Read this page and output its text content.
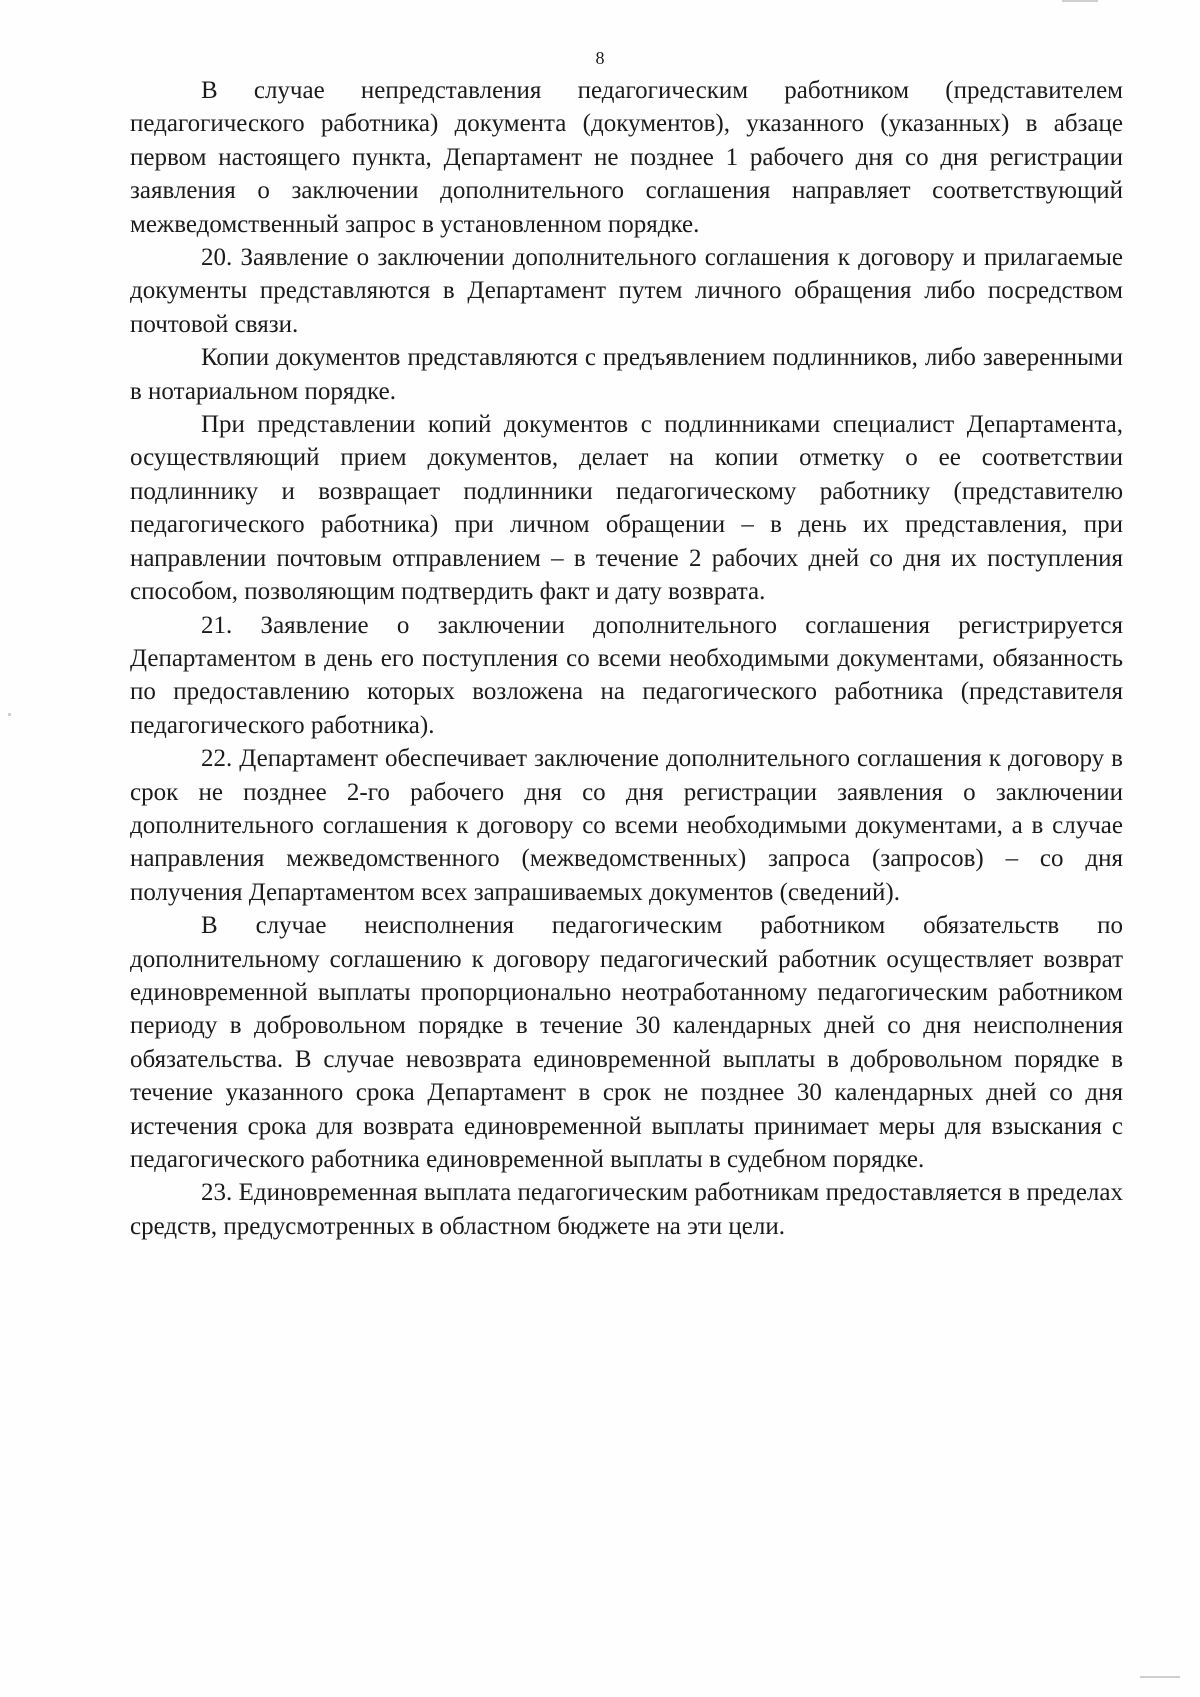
8

В случае непредставления педагогическим работником (представителем педагогического работника) документа (документов), указанного (указанных) в абзаце первом настоящего пункта, Департамент не позднее 1 рабочего дня со дня регистрации заявления о заключении дополнительного соглашения направляет соответствующий межведомственный запрос в установленном порядке.

20. Заявление о заключении дополнительного соглашения к договору и прилагаемые документы представляются в Департамент путем личного обращения либо посредством почтовой связи.

Копии документов представляются с предъявлением подлинников, либо заверенными в нотариальном порядке.

При представлении копий документов с подлинниками специалист Департамента, осуществляющий прием документов, делает на копии отметку о ее соответствии подлиннику и возвращает подлинники педагогическому работнику (представителю педагогического работника) при личном обращении – в день их представления, при направлении почтовым отправлением – в течение 2 рабочих дней со дня их поступления способом, позволяющим подтвердить факт и дату возврата.

21. Заявление о заключении дополнительного соглашения регистрируется Департаментом в день его поступления со всеми необходимыми документами, обязанность по предоставлению которых возложена на педагогического работника (представителя педагогического работника).

22. Департамент обеспечивает заключение дополнительного соглашения к договору в срок не позднее 2-го рабочего дня со дня регистрации заявления о заключении дополнительного соглашения к договору со всеми необходимыми документами, а в случае направления межведомственного (межведомственных) запроса (запросов) – со дня получения Департаментом всех запрашиваемых документов (сведений).

В случае неисполнения педагогическим работником обязательств по дополнительному соглашению к договору педагогический работник осуществляет возврат единовременной выплаты пропорционально неотработанному педагогическим работником периоду в добровольном порядке в течение 30 календарных дней со дня неисполнения обязательства. В случае невозврата единовременной выплаты в добровольном порядке в течение указанного срока Департамент в срок не позднее 30 календарных дней со дня истечения срока для возврата единовременной выплаты принимает меры для взыскания с педагогического работника единовременной выплаты в судебном порядке.

23. Единовременная выплата педагогическим работникам предоставляется в пределах средств, предусмотренных в областном бюджете на эти цели.
